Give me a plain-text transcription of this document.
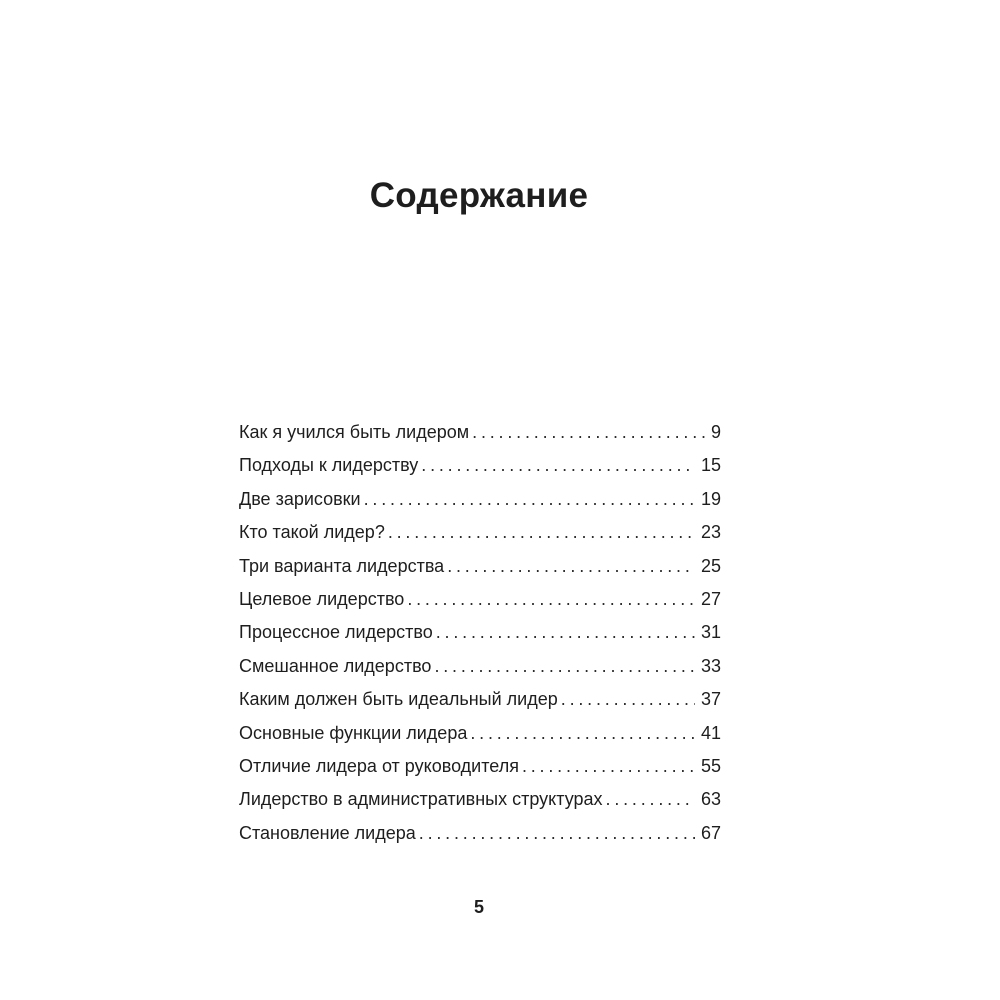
Содержание
Как я учился быть лидером . . .	9
Подходы к лидерству . . .	15
Две зарисовки . . .	19
Кто такой лидер? . . .	23
Три варианта лидерства . . .	25
Целевое лидерство . . .	27
Процессное лидерство . . .	31
Смешанное лидерство . . .	33
Каким должен быть идеальный лидер . . .	37
Основные функции лидера . . .	41
Отличие лидера от руководителя . . .	55
Лидерство в административных структурах . . .	63
Становление лидера . . .	67
5
